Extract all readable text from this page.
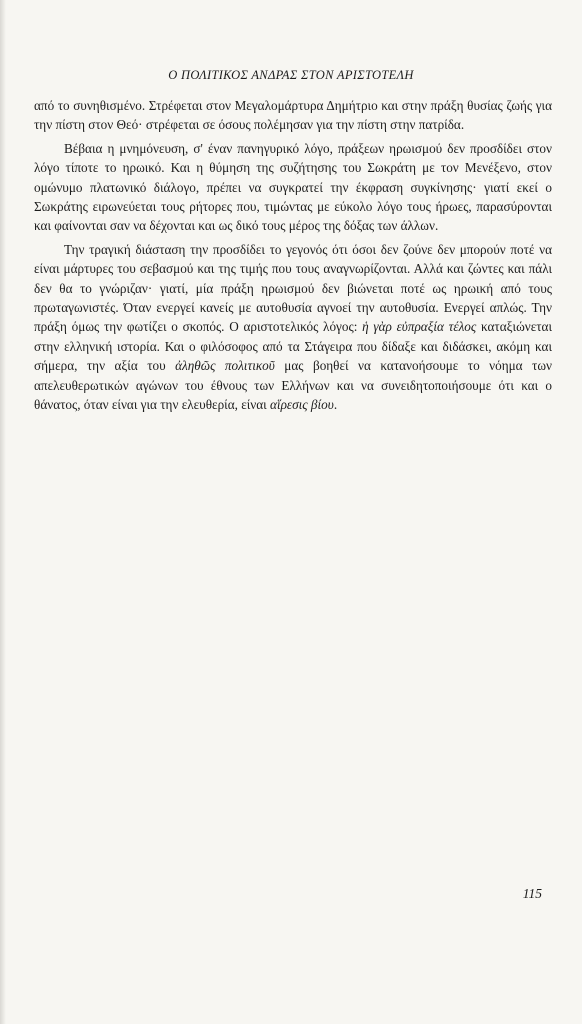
Ο ΠΟΛΙΤΙΚΟΣ ΑΝΔΡΑΣ ΣΤΟΝ ΑΡΙΣΤΟΤΕΛΗ

από το συνηθισμένο. Στρέφεται στον Μεγαλομάρτυρα Δημήτριο και στην πράξη θυσίας ζωής για την πίστη στον Θεό· στρέφεται σε όσους πολέμησαν για την πίστη στην πατρίδα.

Βέβαια η μνημόνευση, σ' έναν πανηγυρικό λόγο, πράξεων ηρωισμού δεν προσδίδει στον λόγο τίποτε το ηρωικό. Και η θύμηση της συζήτησης του Σωκράτη με τον Μενέξενο, στον ομώνυμο πλατωνικό διάλογο, πρέπει να συγκρατεί την έκφραση συγκίνησης· γιατί εκεί ο Σωκράτης ειρωνεύεται τους ρήτορες που, τιμώντας με εύκολο λόγο τους ήρωες, παρασύρονται και φαίνονται σαν να δέχονται και ως δικό τους μέρος της δόξας των άλλων.

Την τραγική διάσταση την προσδίδει το γεγονός ότι όσοι δεν ζούνε δεν μπορούν ποτέ να είναι μάρτυρες του σεβασμού και της τιμής που τους αναγνωρίζονται. Αλλά και ζώντες και πάλι δεν θα το γνώριζαν· γιατί, μία πράξη ηρωισμού δεν βιώνεται ποτέ ως ηρωική από τους πρωταγωνιστές. Όταν ενεργεί κανείς με αυτοθυσία αγνοεί την αυτοθυσία. Ενεργεί απλώς. Την πράξη όμως την φωτίζει ο σκοπός. Ο αριστοτελικός λόγος: ἡ γὰρ εὐπραξία τέλος καταξιώνεται στην ελληνική ιστορία. Και ο φιλόσοφος από τα Στάγειρα που δίδαξε και διδάσκει, ακόμη και σήμερα, την αξία του ἀληθῶς πολιτικοῦ μας βοηθεί να κατανοήσουμε το νόημα των απελευθερωτικών αγώνων του έθνους των Ελλήνων και να συνειδητοποιήσουμε ότι και ο θάνατος, όταν είναι για την ελευθερία, είναι αἵρεσις βίου.

115
